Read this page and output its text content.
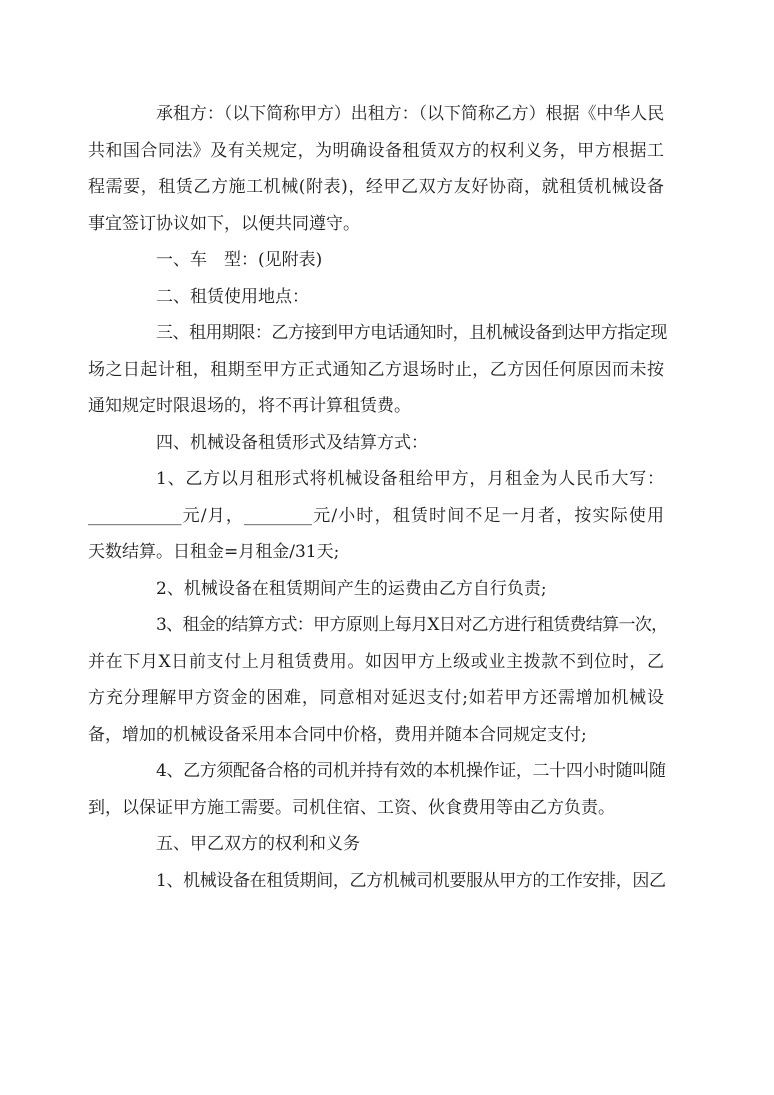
承租方：（以下简称甲方）出租方：（以下简称乙方）根据《中华人民
共和国合同法》及有关规定，为明确设备租赁双方的权利义务，甲方根据工
程需要，租赁乙方施工机械(附表)，经甲乙双方友好协商，就租赁机械设备
事宜签订协议如下，以便共同遵守。
一、车　型：(见附表)
二、租赁使用地点：
三、租用期限：乙方接到甲方电话通知时，且机械设备到达甲方指定现
场之日起计租，租期至甲方正式通知乙方退场时止，乙方因任何原因而未按
通知规定时限退场的，将不再计算租赁费。
四、机械设备租赁形式及结算方式：
1、乙方以月租形式将机械设备租给甲方，月租金为人民币大写：
___________元/月，________元/小时，租赁时间不足一月者，按实际使用
天数结算。日租金=月租金/31天;
2、机械设备在租赁期间产生的运费由乙方自行负责;
3、租金的结算方式：甲方原则上每月X日对乙方进行租赁费结算一次，
并在下月X日前支付上月租赁费用。如因甲方上级或业主拨款不到位时，乙
方充分理解甲方资金的困难，同意相对延迟支付;如若甲方还需增加机械设
备，增加的机械设备采用本合同中价格，费用并随本合同规定支付;
4、乙方须配备合格的司机并持有效的本机操作证，二十四小时随叫随
到，以保证甲方施工需要。司机住宿、工资、伙食费用等由乙方负责。
五、甲乙双方的权利和义务
1、机械设备在租赁期间，乙方机械司机要服从甲方的工作安排，因乙
